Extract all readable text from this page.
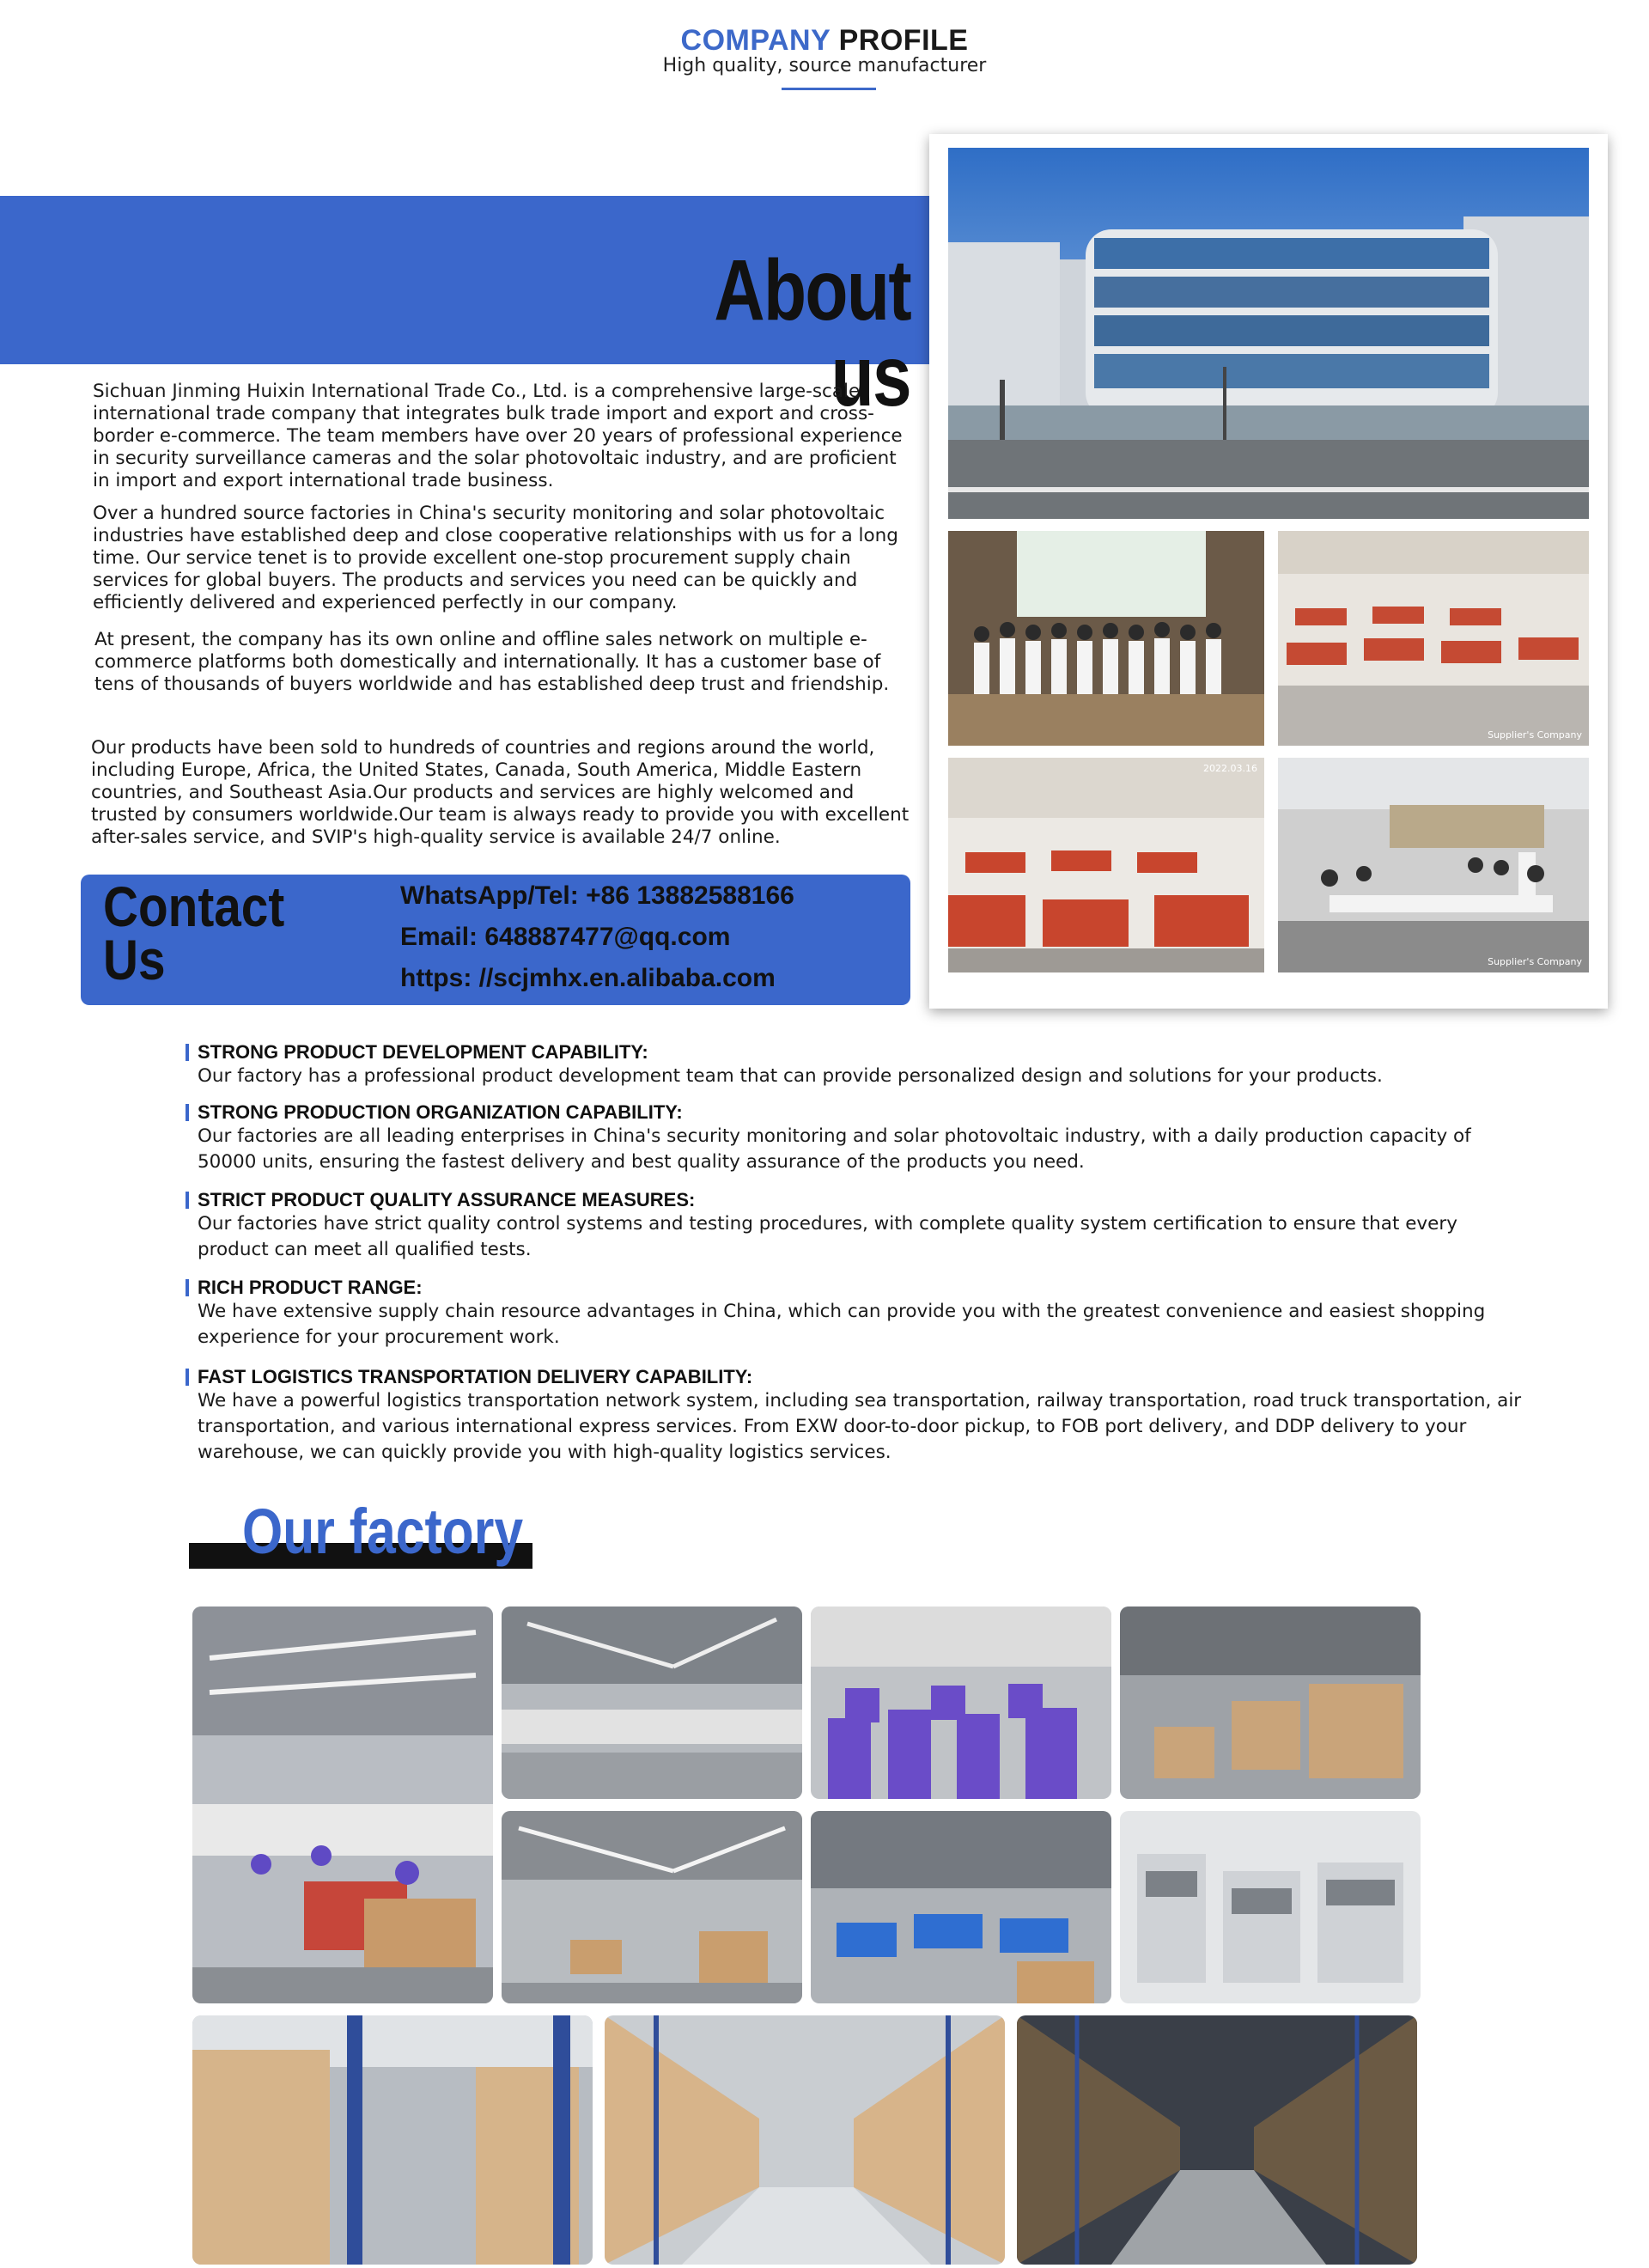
COMPANY PROFILE
High quality, source manufacturer
About us
Sichuan Jinming Huixin International Trade Co., Ltd. is a comprehensive large-scale international trade company that integrates bulk trade import and export and cross-border e-commerce. The team members have over 20 years of professional experience in security surveillance cameras and the solar photovoltaic industry, and are proficient in import and export international trade business.
Over a hundred source factories in China's security monitoring and solar photovoltaic industries have established deep and close cooperative relationships with us for a long time. Our service tenet is to provide excellent one-stop procurement supply chain services for global buyers. The products and services you need can be quickly and efficiently delivered and experienced perfectly in our company.
At present, the company has its own online and offline sales network on multiple e-commerce platforms both domestically and internationally. It has a customer base of tens of thousands of buyers worldwide and has established deep trust and friendship.
Our products have been sold to hundreds of countries and regions around the world, including Europe, Africa, the United States, Canada, South America, Middle Eastern countries, and Southeast Asia.Our products and services are highly welcomed and trusted by consumers worldwide.Our team is always ready to provide you with excellent after-sales service, and SVIP's high-quality service is available 24/7 online.
Contact
Us
WhatsApp/Tel: +86 13882588166
Email: 648887477@qq.com
https: //scjmhx.en.alibaba.com
Supplier's Company
2022.03.16
Supplier's Company
STRONG PRODUCT DEVELOPMENT CAPABILITY:
Our factory has a professional product development team that can provide personalized design and solutions for your products.
STRONG PRODUCTION ORGANIZATION CAPABILITY:
Our factories are all leading enterprises in China's security monitoring and solar photovoltaic industry, with a daily production capacity of 50000 units, ensuring the fastest delivery and best quality assurance of the products you need.
STRICT PRODUCT QUALITY ASSURANCE MEASURES:
Our factories have strict quality control systems and testing procedures, with complete quality system certification to ensure that every product can meet all qualified tests.
RICH PRODUCT RANGE:
We have extensive supply chain resource advantages in China, which can provide you with the greatest convenience and easiest shopping experience for your procurement work.
FAST LOGISTICS TRANSPORTATION DELIVERY CAPABILITY:
We have a powerful logistics transportation network system, including sea transportation, railway transportation, road truck transportation, air transportation, and various international express services. From EXW door-to-door pickup, to FOB port delivery, and DDP delivery to your warehouse, we can quickly provide you with high-quality logistics services.
Our factory
